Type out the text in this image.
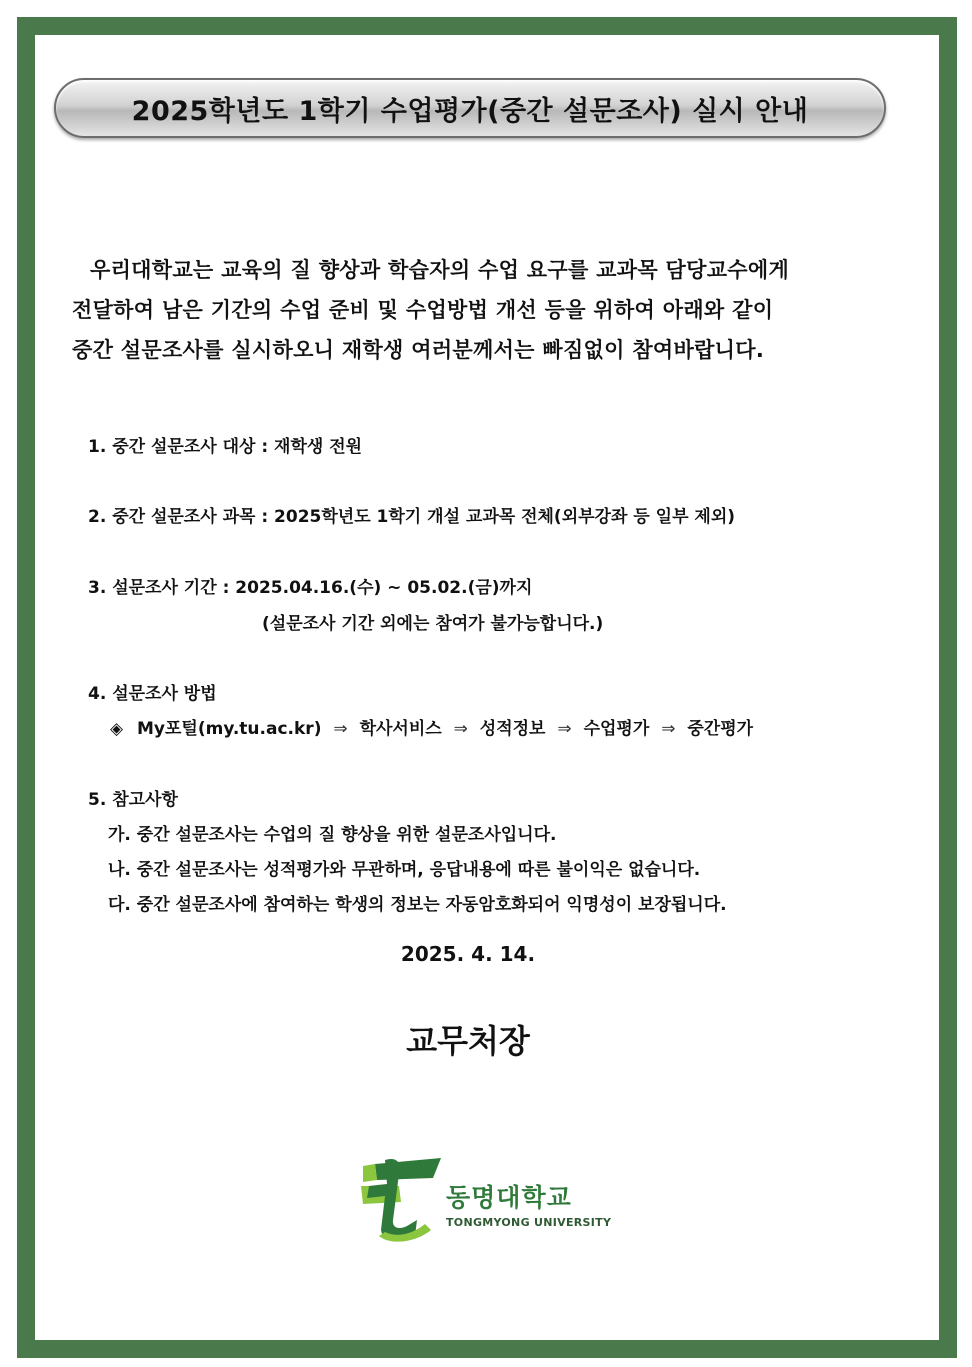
2025학년도 1학기 수업평가(중간 설문조사) 실시 안내
우리대학교는 교육의 질 향상과 학습자의 수업 요구를 교과목 담당교수에게
전달하여 남은 기간의 수업 준비 및 수업방법 개선 등을 위하여 아래와 같이
중간 설문조사를 실시하오니 재학생 여러분께서는 빠짐없이 참여바랍니다.
1. 중간 설문조사 대상 : 재학생 전원
2. 중간 설문조사 과목 : 2025학년도 1학기 개설 교과목 전체(외부강좌 등 일부 제외)
3. 설문조사 기간 : 2025.04.16.(수) ~ 05.02.(금)까지
(설문조사 기간 외에는 참여가 불가능합니다.)
4. 설문조사 방법
◈ My포털(my.tu.ac.kr) ⇒ 학사서비스 ⇒ 성적정보 ⇒ 수업평가 ⇒ 중간평가
5. 참고사항
가. 중간 설문조사는 수업의 질 향상을 위한 설문조사입니다.
나. 중간 설문조사는 성적평가와 무관하며, 응답내용에 따른 불이익은 없습니다.
다. 중간 설문조사에 참여하는 학생의 정보는 자동암호화되어 익명성이 보장됩니다.
2025. 4. 14.
교무처장
동명대학교
TONGMYONG UNIVERSITY
